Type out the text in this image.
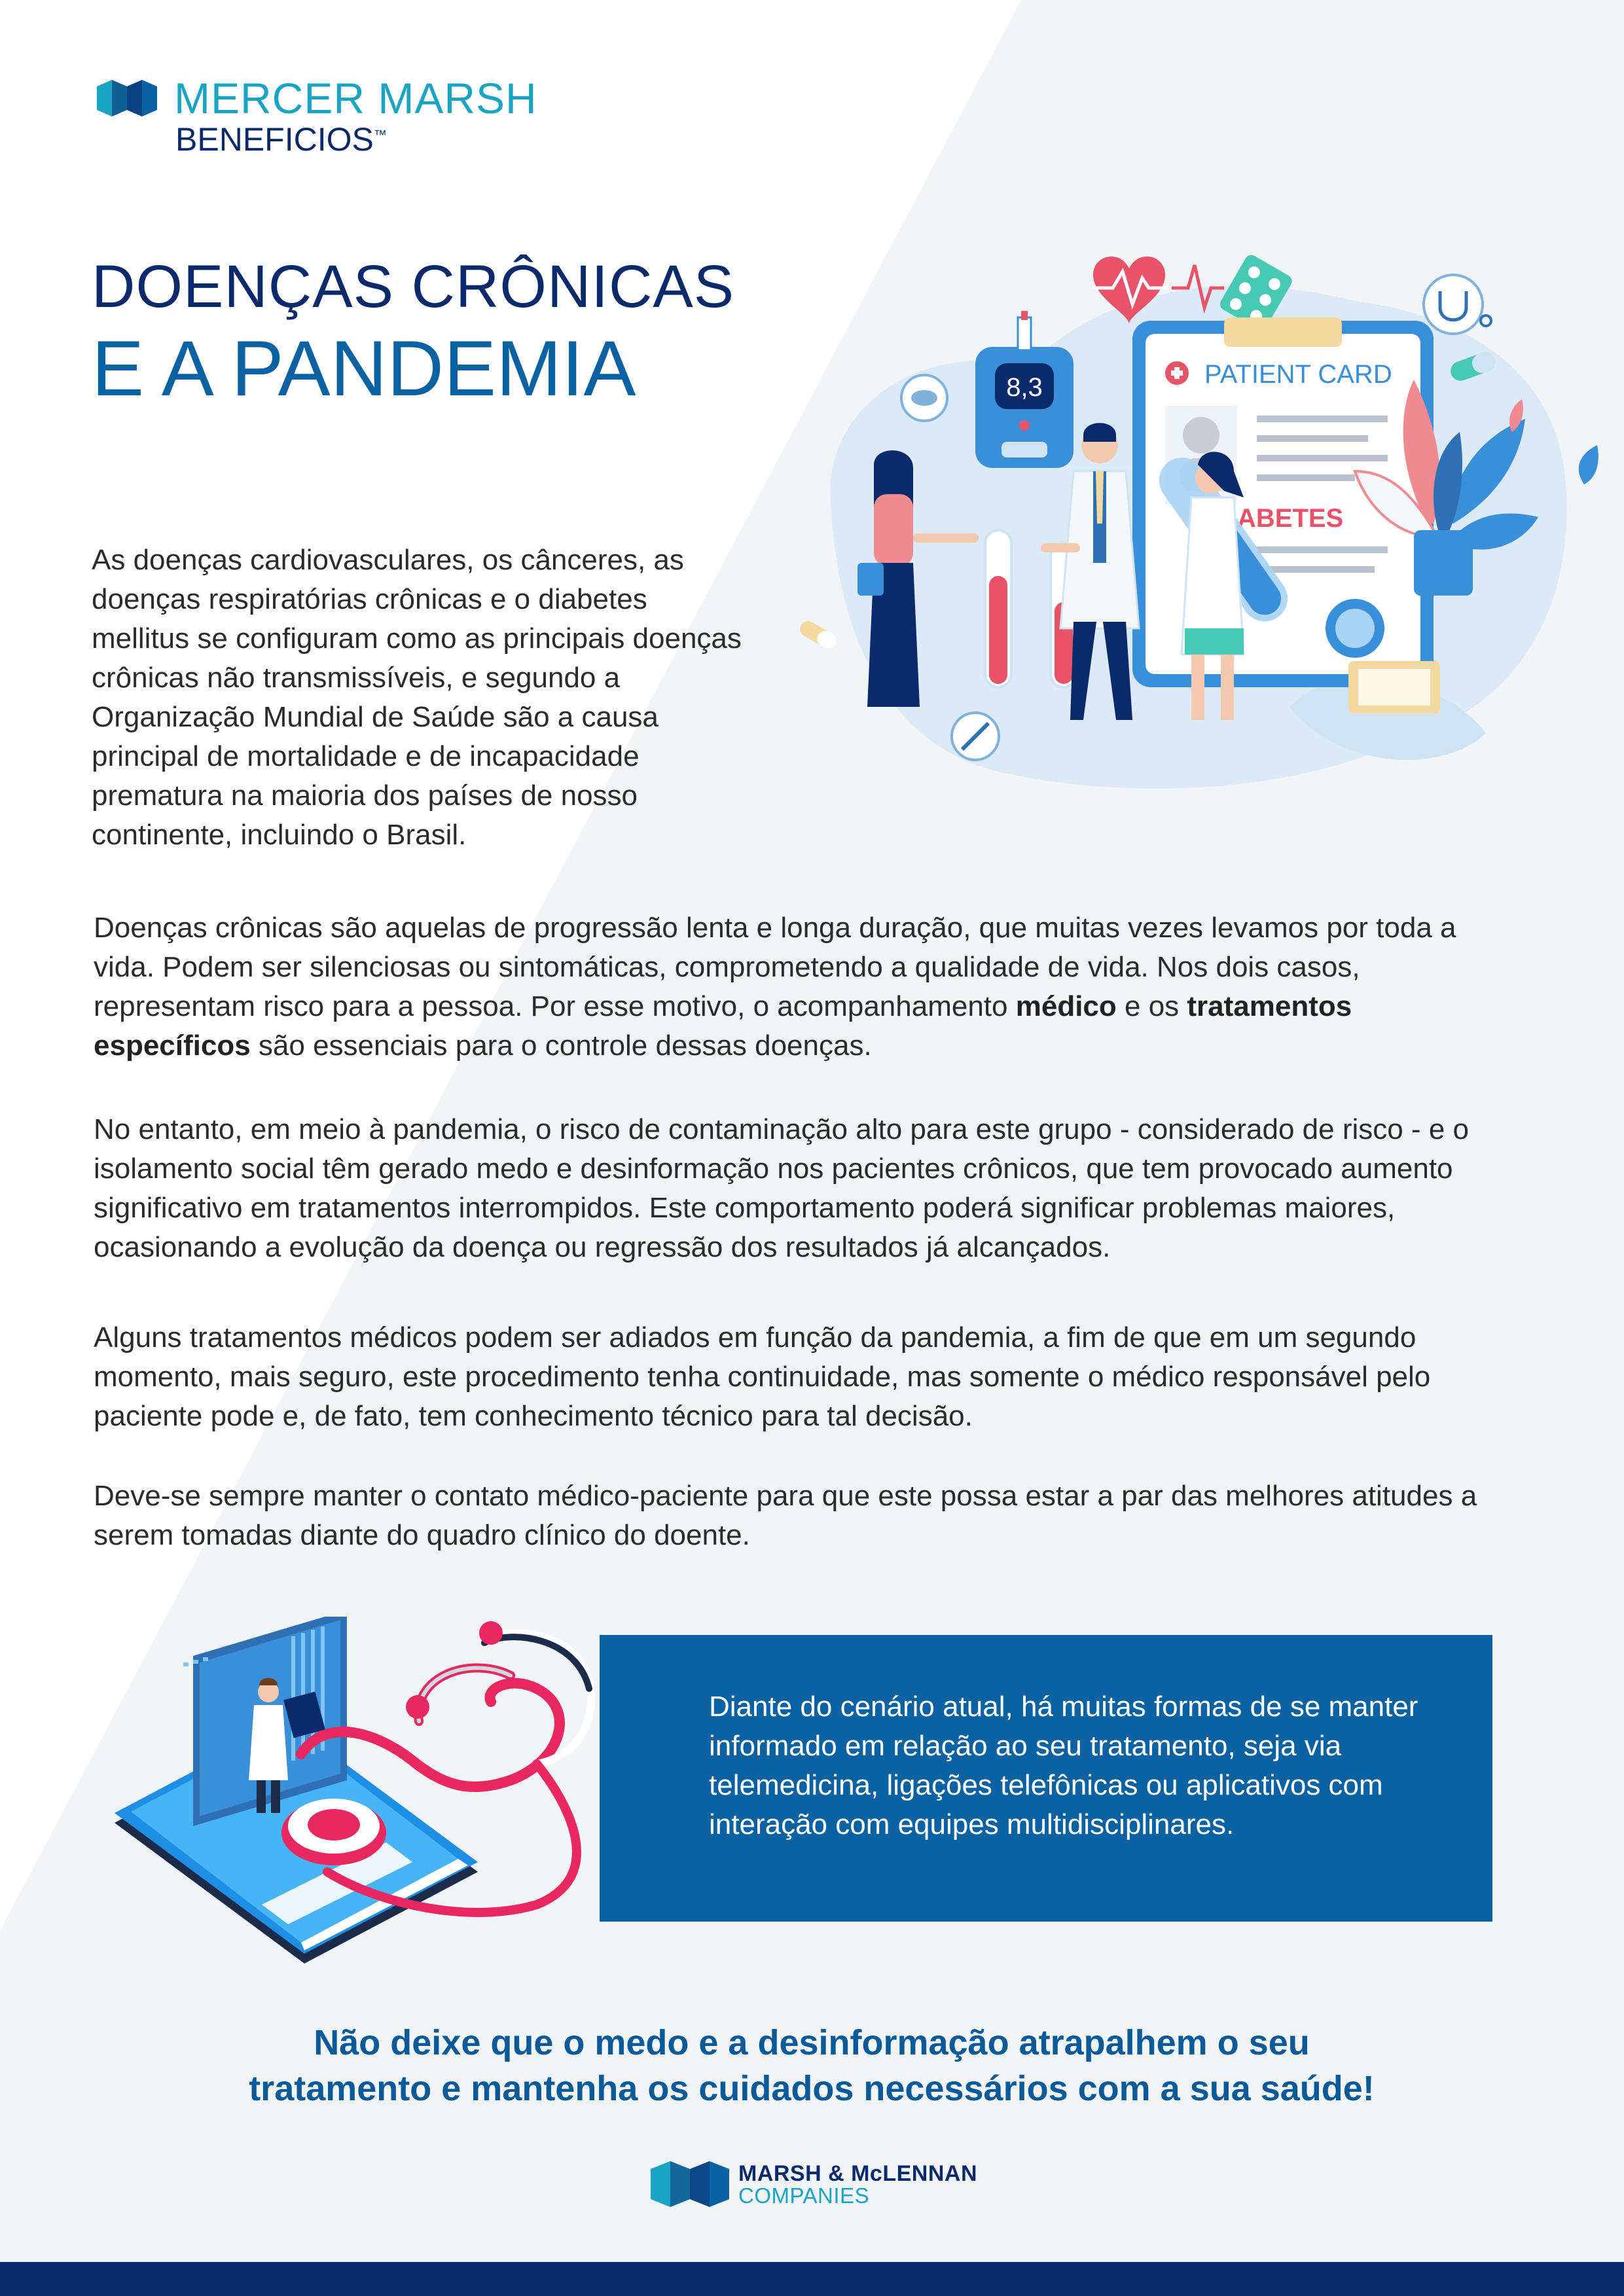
MERCER MARSH
BENEFICIOS™
DOENÇAS CRÔNICAS
E A PANDEMIA	8,3	PATIENT CARD
ABETES

As doenças cardiovasculares, os cânceres, as doenças respiratórias crônicas e o diabetes mellitus se configuram como as principais doenças crônicas não transmissíveis, e segundo a Organização Mundial de Saúde são a causa principal de mortalidade e de incapacidade prematura na maioria dos países de nosso continente, incluindo o Brasil.

Doenças crônicas são aquelas de progressão lenta e longa duração, que muitas vezes levamos por toda a vida. Podem ser silenciosas ou sintomáticas, comprometendo a qualidade de vida. Nos dois casos, representam risco para a pessoa. Por esse motivo, o acompanhamento médico e os tratamentos específicos são essenciais para o controle dessas doenças.

No entanto, em meio à pandemia, o risco de contaminação alto para este grupo - considerado de risco - e o isolamento social têm gerado medo e desinformação nos pacientes crônicos, que tem provocado aumento significativo em tratamentos interrompidos. Este comportamento poderá significar problemas maiores, ocasionando a evolução da doença ou regressão dos resultados já alcançados.

Alguns tratamentos médicos podem ser adiados em função da pandemia, a fim de que em um segundo momento, mais seguro, este procedimento tenha continuidade, mas somente o médico responsável pelo paciente pode e, de fato, tem conhecimento técnico para tal decisão.

Deve-se sempre manter o contato médico-paciente para que este possa estar a par das melhores atitudes a serem tomadas diante do quadro clínico do doente.

Diante do cenário atual, há muitas formas de se manter informado em relação ao seu tratamento, seja via telemedicina, ligações telefônicas ou aplicativos com interação com equipes multidisciplinares.

Não deixe que o medo e a desinformação atrapalhem o seu
tratamento e mantenha os cuidados necessários com a sua saúde!

MARSH & McLENNAN
COMPANIES
